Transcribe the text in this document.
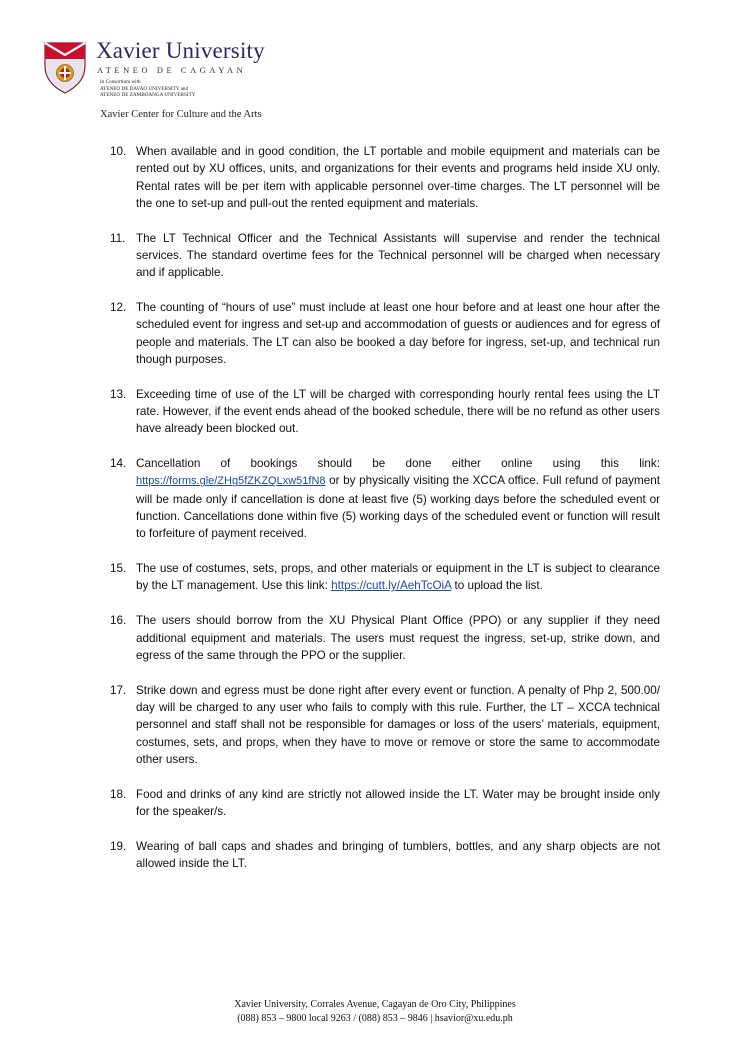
Xavier University
ATENEO DE CAGAYAN
In Consortium with
ATENEO DE DAVAO UNIVERSITY and
ATENEO DE ZAMBOANGA UNIVERSITY
Xavier Center for Culture and the Arts
10. When available and in good condition, the LT portable and mobile equipment and materials can be rented out by XU offices, units, and organizations for their events and programs held inside XU only. Rental rates will be per item with applicable personnel over-time charges. The LT personnel will be the one to set-up and pull-out the rented equipment and materials.
11. The LT Technical Officer and the Technical Assistants will supervise and render the technical services. The standard overtime fees for the Technical personnel will be charged when necessary and if applicable.
12. The counting of “hours of use” must include at least one hour before and at least one hour after the scheduled event for ingress and set-up and accommodation of guests or audiences and for egress of people and materials. The LT can also be booked a day before for ingress, set-up, and technical run though purposes.
13. Exceeding time of use of the LT will be charged with corresponding hourly rental fees using the LT rate. However, if the event ends ahead of the booked schedule, there will be no refund as other users have already been blocked out.
14. Cancellation of bookings should be done either online using this link: https://forms.gle/ZHg5fZKZQLxw51fN8 or by physically visiting the XCCA office. Full refund of payment will be made only if cancellation is done at least five (5) working days before the scheduled event or function. Cancellations done within five (5) working days of the scheduled event or function will result to forfeiture of payment received.
15. The use of costumes, sets, props, and other materials or equipment in the LT is subject to clearance by the LT management. Use this link: https://cutt.ly/AehTcOiA to upload the list.
16. The users should borrow from the XU Physical Plant Office (PPO) or any supplier if they need additional equipment and materials. The users must request the ingress, set-up, strike down, and egress of the same through the PPO or the supplier.
17. Strike down and egress must be done right after every event or function. A penalty of Php 2, 500.00/ day will be charged to any user who fails to comply with this rule. Further, the LT – XCCA technical personnel and staff shall not be responsible for damages or loss of the users’ materials, equipment, costumes, sets, and props, when they have to move or remove or store the same to accommodate other users.
18. Food and drinks of any kind are strictly not allowed inside the LT. Water may be brought inside only for the speaker/s.
19. Wearing of ball caps and shades and bringing of tumblers, bottles, and any sharp objects are not allowed inside the LT.
Xavier University, Corrales Avenue, Cagayan de Oro City, Philippines
(088) 853 – 9800 local 9263 / (088) 853 – 9846 | hsavior@xu.edu.ph
